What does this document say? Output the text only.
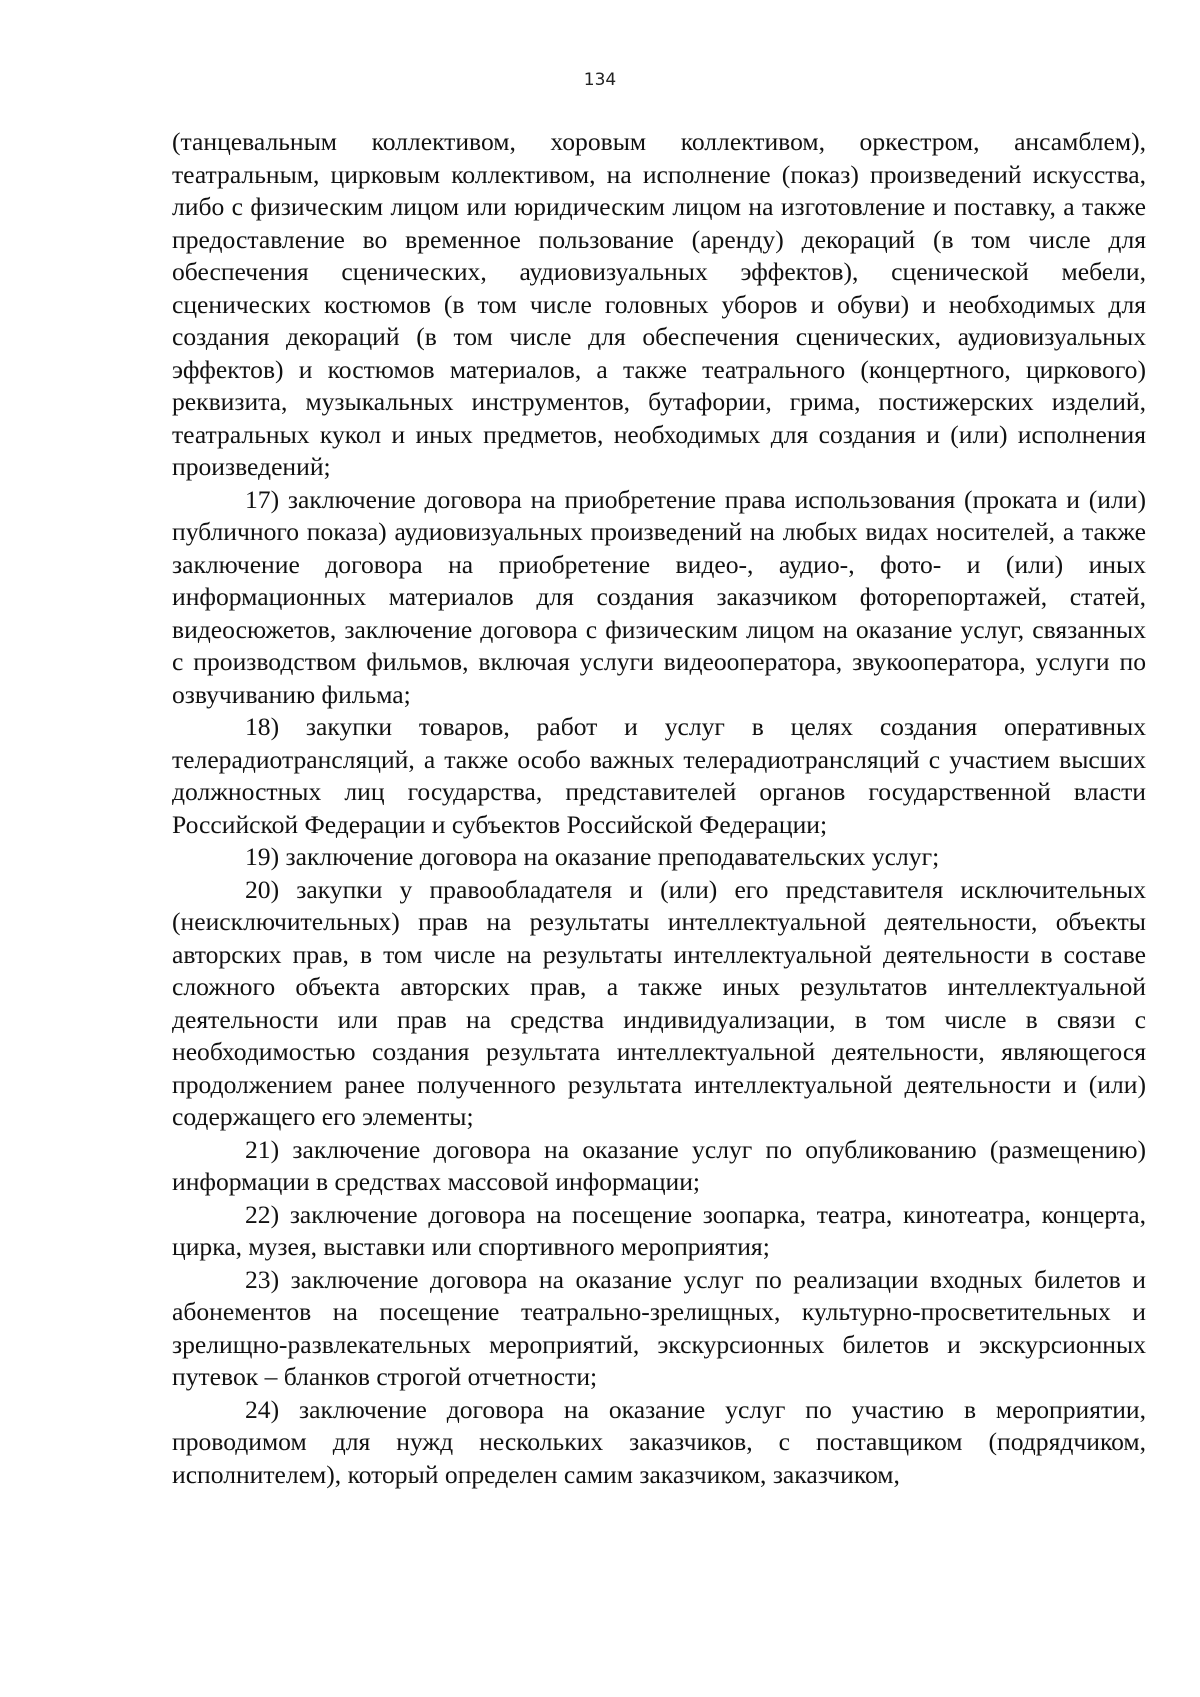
134

(танцевальным коллективом, хоровым коллективом, оркестром, ансамблем), театральным, цирковым коллективом, на исполнение (показ) произведений искусства, либо с физическим лицом или юридическим лицом на изготовление и поставку, а также предоставление во временное пользование (аренду) декораций (в том числе для обеспечения сценических, аудиовизуальных эффектов), сценической мебели, сценических костюмов (в том числе головных уборов и обуви) и необходимых для создания декораций (в том числе для обеспечения сценических, аудиовизуальных эффектов) и костюмов материалов, а также театрального (концертного, циркового) реквизита, музыкальных инструментов, бутафории, грима, постижерских изделий, театральных кукол и иных предметов, необходимых для создания и (или) исполнения произведений;

17) заключение договора на приобретение права использования (проката и (или) публичного показа) аудиовизуальных произведений на любых видах носителей, а также заключение договора на приобретение видео-, аудио-, фото- и (или) иных информационных материалов для создания заказчиком фоторепортажей, статей, видеосюжетов, заключение договора с физическим лицом на оказание услуг, связанных с производством фильмов, включая услуги видеооператора, звукооператора, услуги по озвучиванию фильма;

18) закупки товаров, работ и услуг в целях создания оперативных телерадиотрансляций, а также особо важных телерадиотрансляций с участием высших должностных лиц государства, представителей органов государственной власти Российской Федерации и субъектов Российской Федерации;

19) заключение договора на оказание преподавательских услуг;

20) закупки у правообладателя и (или) его представителя исключительных (неисключительных) прав на результаты интеллектуальной деятельности, объекты авторских прав, в том числе на результаты интеллектуальной деятельности в составе сложного объекта авторских прав, а также иных результатов интеллектуальной деятельности или прав на средства индивидуализации, в том числе в связи с необходимостью создания результата интеллектуальной деятельности, являющегося продолжением ранее полученного результата интеллектуальной деятельности и (или) содержащего его элементы;

21) заключение договора на оказание услуг по опубликованию (размещению) информации в средствах массовой информации;

22) заключение договора на посещение зоопарка, театра, кинотеатра, концерта, цирка, музея, выставки или спортивного мероприятия;

23) заключение договора на оказание услуг по реализации входных билетов и абонементов на посещение театрально-зрелищных, культурно-просветительных и зрелищно-развлекательных мероприятий, экскурсионных билетов и экскурсионных путевок – бланков строгой отчетности;

24) заключение договора на оказание услуг по участию в мероприятии, проводимом для нужд нескольких заказчиков, с поставщиком (подрядчиком, исполнителем), который определен самим заказчиком, заказчиком,
